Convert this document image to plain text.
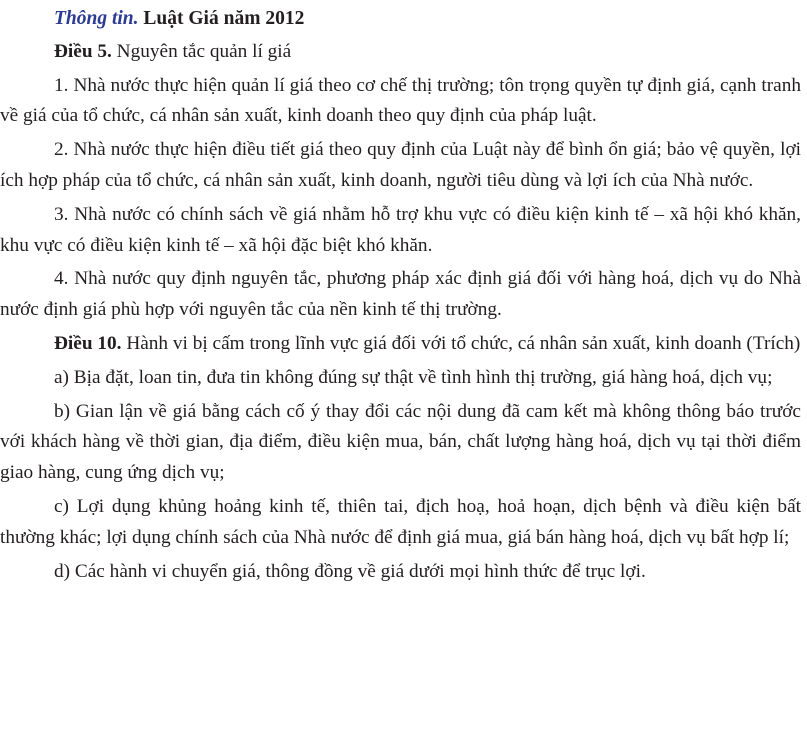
Thông tin. Luật Giá năm 2012

Điều 5. Nguyên tắc quản lí giá

1. Nhà nước thực hiện quản lí giá theo cơ chế thị trường; tôn trọng quyền tự định giá, cạnh tranh về giá của tổ chức, cá nhân sản xuất, kinh doanh theo quy định của pháp luật.

2. Nhà nước thực hiện điều tiết giá theo quy định của Luật này để bình ổn giá; bảo vệ quyền, lợi ích hợp pháp của tổ chức, cá nhân sản xuất, kinh doanh, người tiêu dùng và lợi ích của Nhà nước.

3. Nhà nước có chính sách về giá nhằm hỗ trợ khu vực có điều kiện kinh tế – xã hội khó khăn, khu vực có điều kiện kinh tế – xã hội đặc biệt khó khăn.

4. Nhà nước quy định nguyên tắc, phương pháp xác định giá đối với hàng hoá, dịch vụ do Nhà nước định giá phù hợp với nguyên tắc của nền kinh tế thị trường.

Điều 10. Hành vi bị cấm trong lĩnh vực giá đối với tổ chức, cá nhân sản xuất, kinh doanh (Trích)

a) Bịa đặt, loan tin, đưa tin không đúng sự thật về tình hình thị trường, giá hàng hoá, dịch vụ;

b) Gian lận về giá bằng cách cố ý thay đổi các nội dung đã cam kết mà không thông báo trước với khách hàng về thời gian, địa điểm, điều kiện mua, bán, chất lượng hàng hoá, dịch vụ tại thời điểm giao hàng, cung ứng dịch vụ;

c) Lợi dụng khủng hoảng kinh tế, thiên tai, địch hoạ, hoả hoạn, dịch bệnh và điều kiện bất thường khác; lợi dụng chính sách của Nhà nước để định giá mua, giá bán hàng hoá, dịch vụ bất hợp lí;

d) Các hành vi chuyển giá, thông đồng về giá dưới mọi hình thức để trục lợi.
